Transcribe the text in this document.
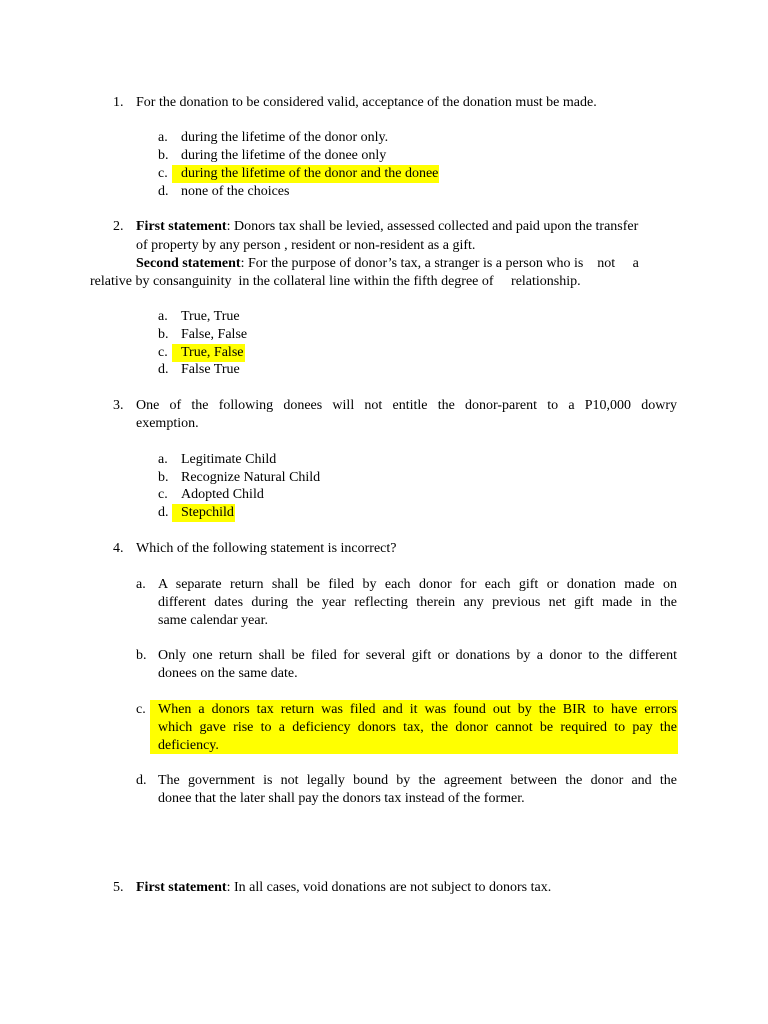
1. For the donation to be considered valid, acceptance of the donation must be made.
a. during the lifetime of the donor only.
b. during the lifetime of the donee only
c. during the lifetime of the donor and the donee
d. none of the choices
2. First statement: Donors tax shall be levied, assessed collected and paid upon the transfer
of property by any person , resident or non-resident as a gift.
Second statement: For the purpose of donor’s tax, a stranger is a person who is    not     a
relative by consanguinity  in the collateral line within the fifth degree of     relationship.
a. True, True
b. False, False
c. True, False
d. False True
3. One of the following donees will not entitle the donor-parent to a P10,000 dowry
exemption.
a. Legitimate Child
b. Recognize Natural Child
c. Adopted Child
d. Stepchild
4. Which of the following statement is incorrect?
a. A separate return shall be filed by each donor for each gift or donation made on
different dates during the year reflecting therein any previous net gift made in the
same calendar year.
b. Only one return shall be filed for several gift or donations by a donor to the different
donees on the same date.
c. When a donors tax return was filed and it was found out by the BIR to have errors
which gave rise to a deficiency donors tax, the donor cannot be required to pay the
deficiency.
d. The government is not legally bound by the agreement between the donor and the
donee that the later shall pay the donors tax instead of the former.
5. First statement: In all cases, void donations are not subject to donors tax.
